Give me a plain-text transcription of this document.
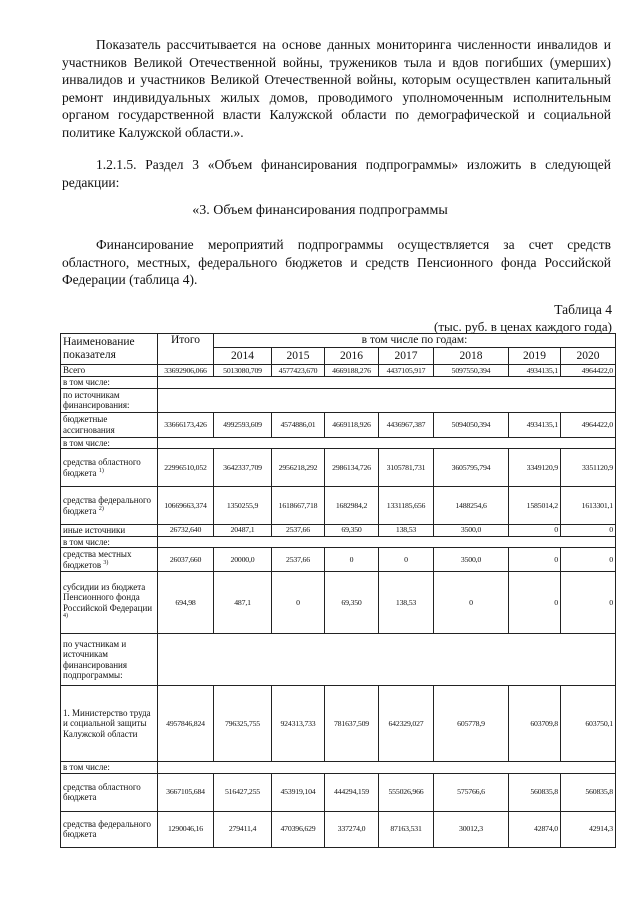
Показатель рассчитывается на основе данных мониторинга численности инвалидов и участников Великой Отечественной войны, тружеников тыла и вдов погибших (умерших) инвалидов и участников Великой Отечественной войны, которым осуществлен капитальный ремонт индивидуальных жилых домов, проводимого уполномоченным исполнительным органом государственной власти Калужской области по демографической и социальной политике Калужской области.».

1.2.1.5. Раздел 3 «Объем финансирования подпрограммы» изложить в следующей редакции:

«3. Объем финансирования подпрограммы

Финансирование мероприятий подпрограммы осуществляется за счет средств областного, местных, федерального бюджетов и средств Пенсионного фонда Российской Федерации (таблица 4).

Таблица 4
(тыс. руб. в ценах каждого года)
Наименование показателя	Итого	в том числе по годам:						
		2014	2015	2016	2017	2018	2019	2020
Всего	33692906,066	5013080,709	4577423,670	4669188,276	4437105,917	5097550,394	4934135,1	4964422,0
в том числе:								
по источникам финансирования:								
бюджетные ассигнования	33666173,426	4992593,609	4574886,01	4669118,926	4436967,387	5094050,394	4934135,1	4964422,0
в том числе:								
средства областного бюджета $^{1)}$	22996510,052	3642337,709	2956218,292	2986134,726	3105781,731	3605795,794	3349120,9	3351120,9
средства федерального бюджета $^{2)}$	10669663,374	1350255,9	1618667,718	1682984,2	1331185,656	1488254,6	1585014,2	1613301,1
иные источники	26732,640	20487,1	2537,66	69,350	138,53	3500,0	0	0
в том числе:								
средства местных бюджетов $^{3)}$	26037,660	20000,0	2537,66	0	0	3500,0	0	0
субсидии из бюджета Пенсионного фонда Российской Федерации $^{4)}$	694,98	487,1	0	69,350	138,53	0	0	0
по участникам и источникам финансирования подпрограммы:								
1. Министерство труда и социальной защиты Калужской области	4957846,824	796325,755	924313,733	781637,509	642329,027	605778,9	603709,8	603750,1
в том числе:								
средства областного бюджета	3667105,684	516427,255	453919,104	444294,159	555026,966	575766,6	560835,8	560835,8
средства федерального бюджета	1290046,16	279411,4	470396,629	337274,0	87163,531	30012,3	42874,0	42914,3
